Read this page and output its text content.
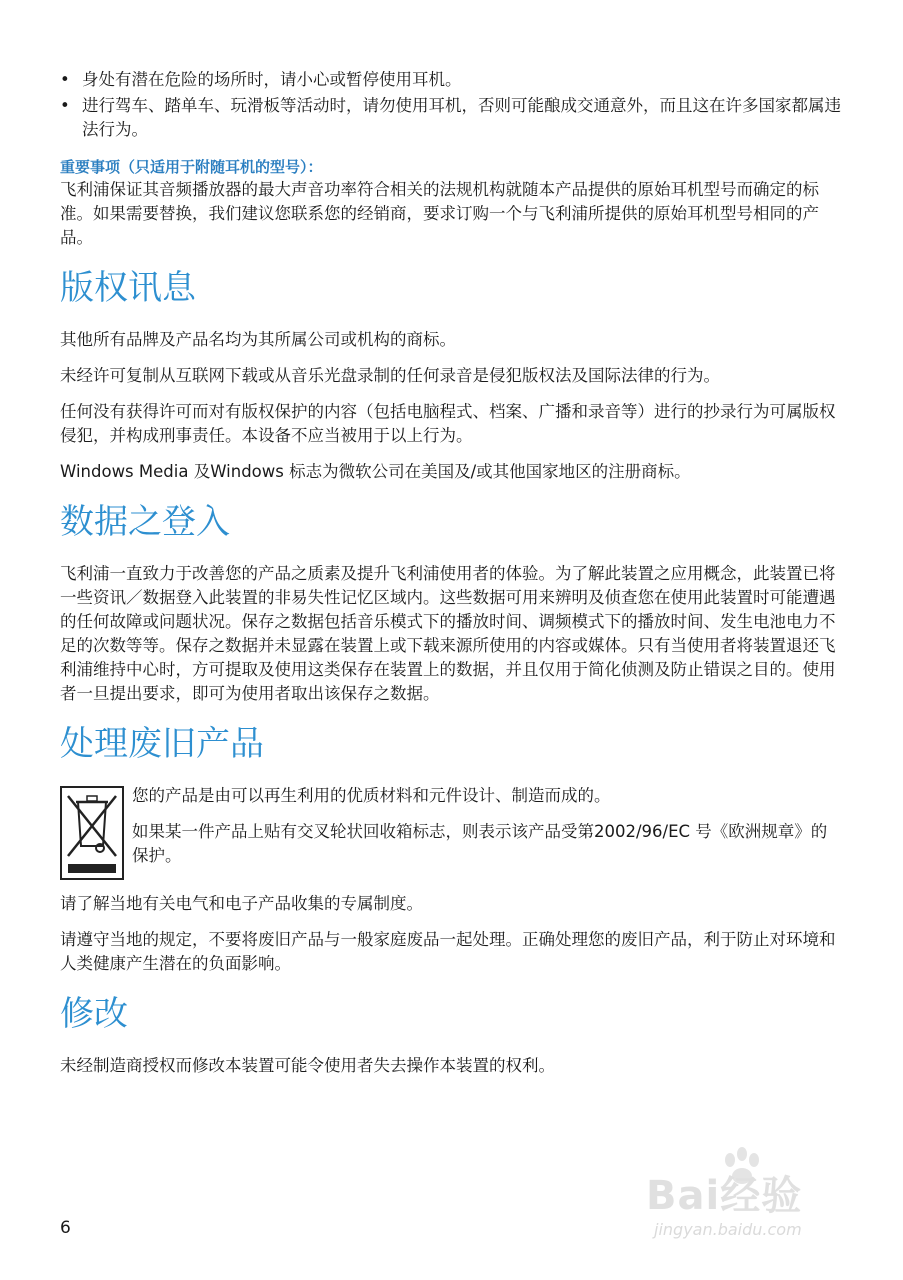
• 身处有潜在危险的场所时，请小心或暂停使用耳机。
• 进行驾车、踏单车、玩滑板等活动时，请勿使用耳机，否则可能酿成交通意外，而且这在许多国家都属违法行为。

重要事项（只适用于附随耳机的型号）：

飞利浦保证其音频播放器的最大声音功率符合相关的法规机构就随本产品提供的原始耳机型号而确定的标准。如果需要替换，我们建议您联系您的经销商，要求订购一个与飞利浦所提供的原始耳机型号相同的产品。

版权讯息

其他所有品牌及产品名均为其所属公司或机构的商标。

未经许可复制从互联网下载或从音乐光盘录制的任何录音是侵犯版权法及国际法律的行为。

任何没有获得许可而对有版权保护的内容（包括电脑程式、档案、广播和录音等）进行的抄录行为可属版权侵犯，并构成刑事责任。本设备不应当被用于以上行为。

Windows Media 及Windows 标志为微软公司在美国及/或其他国家地区的注册商标。

数据之登入

飞利浦一直致力于改善您的产品之质素及提升飞利浦使用者的体验。为了解此装置之应用概念，此装置已将一些资讯／数据登入此装置的非易失性记忆区域内。这些数据可用来辨明及侦查您在使用此装置时可能遭遇的任何故障或问题状况。保存之数据包括音乐模式下的播放时间、调频模式下的播放时间、发生电池电力不足的次数等等。保存之数据并未显露在装置上或下载来源所使用的内容或媒体。只有当使用者将装置退还飞利浦维持中心时，方可提取及使用这类保存在装置上的数据，并且仅用于简化侦测及防止错误之目的。使用者一旦提出要求，即可为使用者取出该保存之数据。

处理废旧产品

您的产品是由可以再生利用的优质材料和元件设计、制造而成的。

如果某一件产品上贴有交叉轮状回收箱标志，则表示该产品受第2002/96/EC 号《欧洲规章》的保护。

请了解当地有关电气和电子产品收集的专属制度。

请遵守当地的规定，不要将废旧产品与一般家庭废品一起处理。正确处理您的废旧产品，利于防止对环境和人类健康产生潜在的负面影响。

修改

未经制造商授权而修改本装置可能令使用者失去操作本装置的权利。

6
Bai经验
jingyan.baidu.com
